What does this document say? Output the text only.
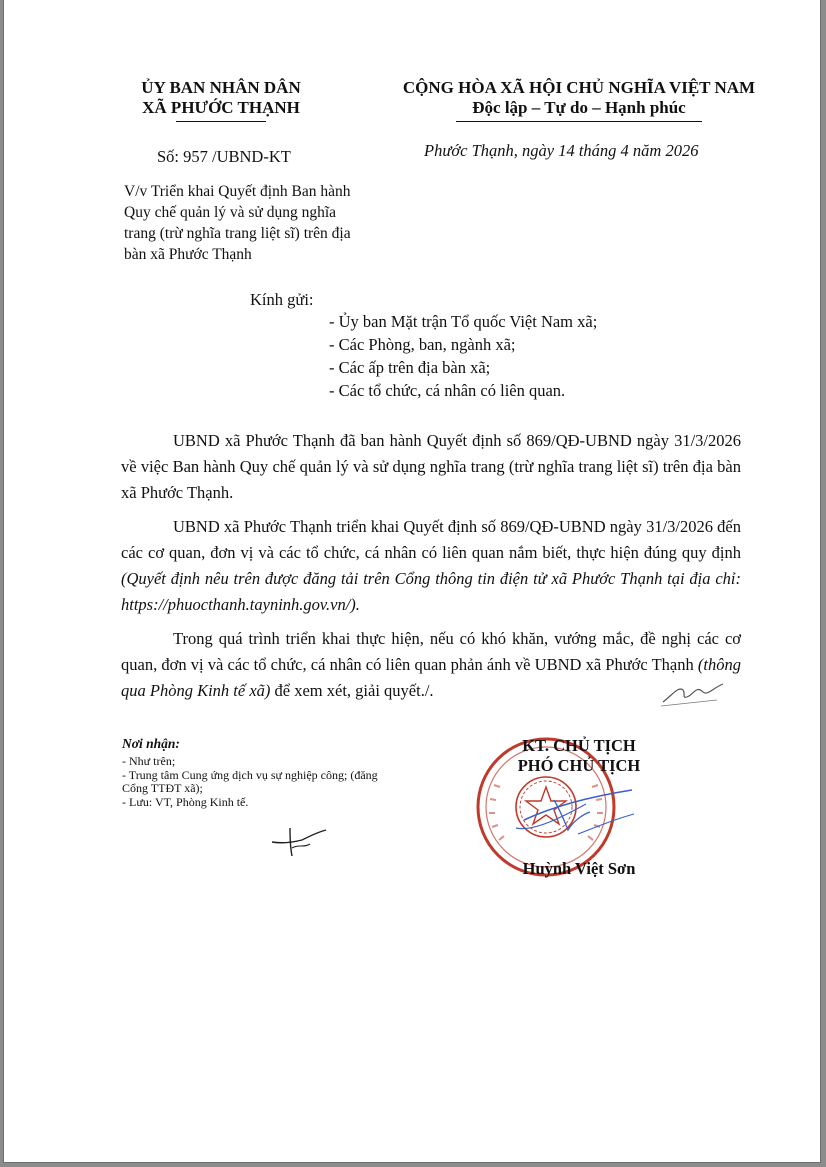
ỦY BAN NHÂN DÂN
XÃ PHƯỚC THẠNH
Số: 957 /UBND-KT
V/v Triển khai Quyết định Ban hành
Quy chế quản lý và sử dụng nghĩa
trang (trừ nghĩa trang liệt sĩ) trên địa
bàn xã Phước Thạnh
CỘNG HÒA XÃ HỘI CHỦ NGHĨA VIỆT NAM
Độc lập – Tự do – Hạnh phúc
Phước Thạnh, ngày 14 tháng 4 năm 2026
Kính gửi:
- Ủy ban Mặt trận Tổ quốc Việt Nam xã;
- Các Phòng, ban, ngành xã;
- Các ấp trên địa bàn xã;
- Các tổ chức, cá nhân có liên quan.
UBND xã Phước Thạnh đã ban hành Quyết định số 869/QĐ-UBND ngày 31/3/2026 về việc Ban hành Quy chế quản lý và sử dụng nghĩa trang (trừ nghĩa trang liệt sĩ) trên địa bàn xã Phước Thạnh.
UBND xã Phước Thạnh triển khai Quyết định số 869/QĐ-UBND ngày 31/3/2026 đến các cơ quan, đơn vị và các tổ chức, cá nhân có liên quan nắm biết, thực hiện đúng quy định (Quyết định nêu trên được đăng tải trên Cổng thông tin điện tử xã Phước Thạnh tại địa chỉ: https://phuocthanh.tayninh.gov.vn/).
Trong quá trình triển khai thực hiện, nếu có khó khăn, vướng mắc, đề nghị các cơ quan, đơn vị và các tổ chức, cá nhân có liên quan phản ánh về UBND xã Phước Thạnh (thông qua Phòng Kinh tế xã) để xem xét, giải quyết./.
Nơi nhận:
- Như trên;
- Trung tâm Cung ứng dịch vụ sự nghiệp công; (đăng Cổng TTĐT xã);
- Lưu: VT, Phòng Kinh tế.
KT. CHỦ TỊCH
PHÓ CHỦ TỊCH
Huỳnh Việt Sơn
